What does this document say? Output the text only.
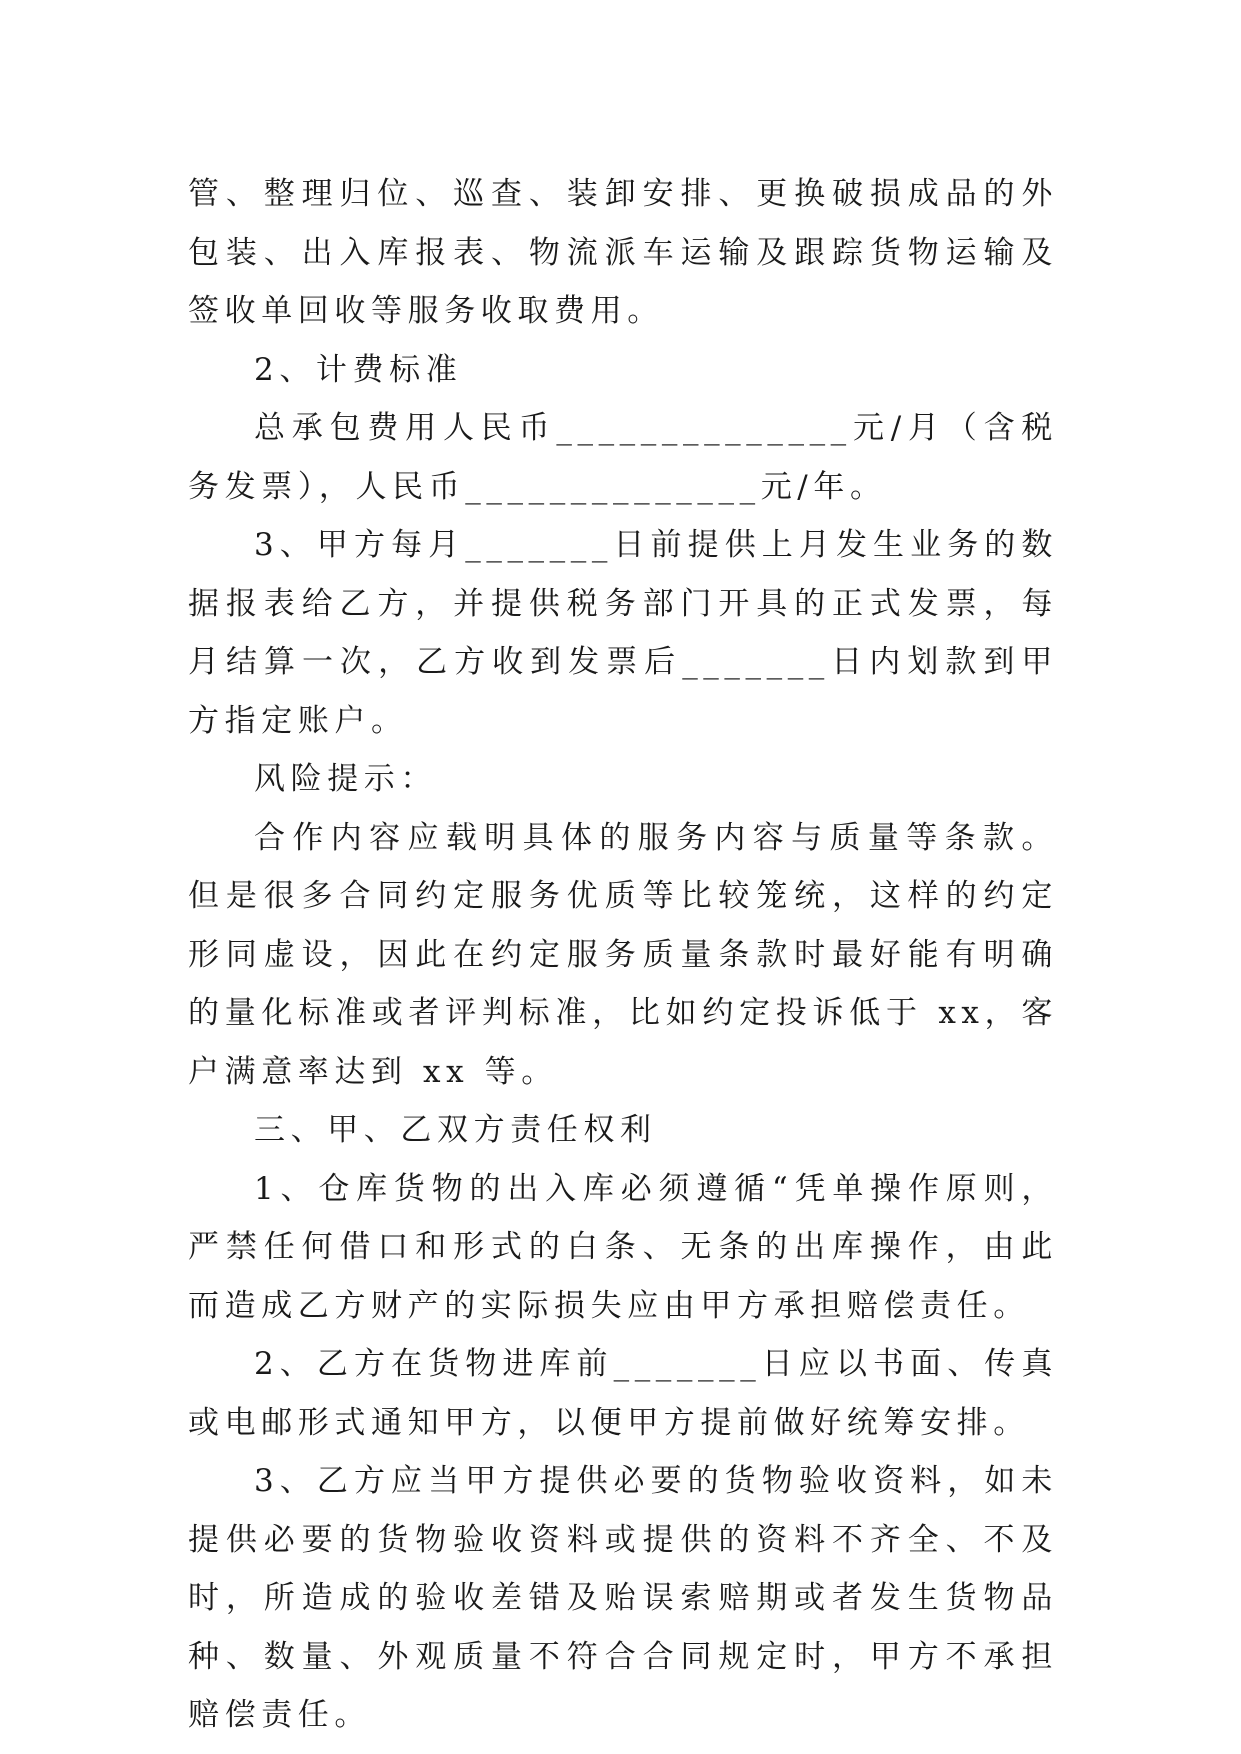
管、整理归位、巡查、装卸安排、更换破损成品的外包装、出入库报表、物流派车运输及跟踪货物运输及签收单回收等服务收取费用。

2、计费标准

总承包费用人民币______________元/月（含税务发票），人民币______________元/年。

3、甲方每月_______日前提供上月发生业务的数据报表给乙方，并提供税务部门开具的正式发票，每月结算一次，乙方收到发票后_______日内划款到甲方指定账户。

风险提示：

合作内容应载明具体的服务内容与质量等条款。但是很多合同约定服务优质等比较笼统，这样的约定形同虚设，因此在约定服务质量条款时最好能有明确的量化标准或者评判标准，比如约定投诉低于 xx，客户满意率达到 xx 等。

三、甲、乙双方责任权利

1、仓库货物的出入库必须遵循“凭单操作原则，严禁任何借口和形式的白条、无条的出库操作，由此而造成乙方财产的实际损失应由甲方承担赔偿责任。

2、乙方在货物进库前_______日应以书面、传真或电邮形式通知甲方，以便甲方提前做好统筹安排。

3、乙方应当甲方提供必要的货物验收资料，如未提供必要的货物验收资料或提供的资料不齐全、不及时，所造成的验收差错及贻误索赔期或者发生货物品种、数量、外观质量不符合合同规定时，甲方不承担赔偿责任。
